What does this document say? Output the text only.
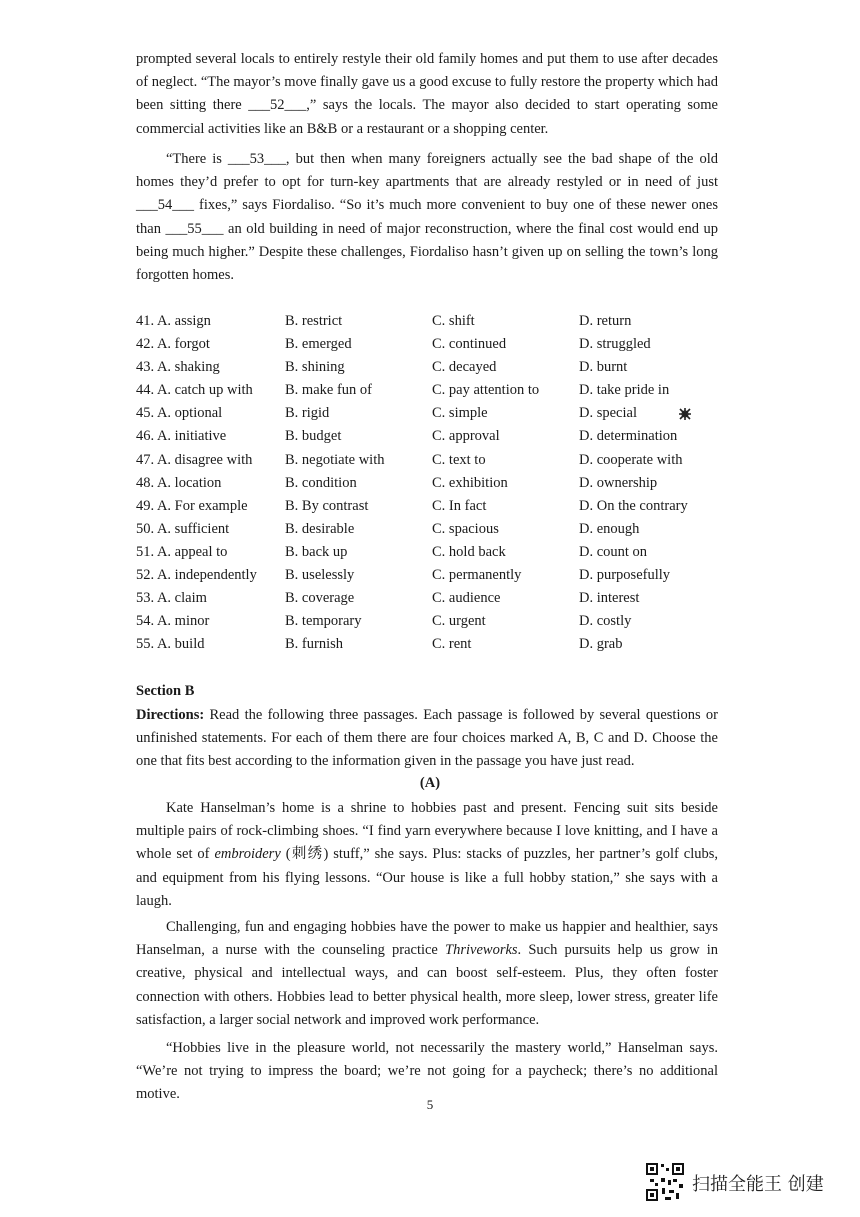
prompted several locals to entirely restyle their old family homes and put them to use after decades of neglect. “The mayor’s move finally gave us a good excuse to fully restore the property which had been sitting there ___52___,” says the locals. The mayor also decided to start operating some commercial activities like an B&B or a restaurant or a shopping center.

“There is ___53___, but then when many foreigners actually see the bad shape of the old homes they’d prefer to opt for turn-key apartments that are already restyled or in need of just ___54___ fixes,” says Fiordaliso. “So it’s much more convenient to buy one of these newer ones than ___55___ an old building in need of major reconstruction, where the final cost would end up being much higher.” Despite these challenges, Fiordaliso hasn’t given up on selling the town’s long forgotten homes.

41. A. assign	B. restrict	C. shift	D. return
42. A. forgot	B. emerged	C. continued	D. struggled
43. A. shaking	B. shining	C. decayed	D. burnt
44. A. catch up with B. make fun of	C. pay attention to	D. take pride in
45. A. optional	B. rigid	C. simple	D. special
46. A. initiative	B. budget	C. approval	D. determination
47. A. disagree with B. negotiate with	C. text to	D. cooperate with
48. A. location	B. condition	C. exhibition	D. ownership
49. A. For example	B. By contrast	C. In fact	D. On the contrary
50. A. sufficient	B. desirable	C. spacious	D. enough
51. A. appeal to	B. back up	C. hold back	D. count on
52. A. independently B. uselessly	C. permanently	D. purposefully
53. A. claim	B. coverage	C. audience	D. interest
54. A. minor	B. temporary	C. urgent	D. costly
55. A. build	B. furnish	C. rent	D. grab
Section B

Directions: Read the following three passages. Each passage is followed by several questions or unfinished statements. For each of them there are four choices marked A, B, C and D. Choose the one that fits best according to the information given in the passage you have just read.

(A)

Kate Hanselman’s home is a shrine to hobbies past and present. Fencing suit sits beside multiple pairs of rock-climbing shoes. “I find yarn everywhere because I love knitting, and I have a whole set of embroidery (刺绣) stuff,” she says. Plus: stacks of puzzles, her partner’s golf clubs, and equipment from his flying lessons. “Our house is like a full hobby station,” she says with a laugh.

Challenging, fun and engaging hobbies have the power to make us happier and healthier, says Hanselman, a nurse with the counseling practice Thriveworks. Such pursuits help us grow in creative, physical and intellectual ways, and can boost self-esteem. Plus, they often foster connection with others. Hobbies lead to better physical health, more sleep, lower stress, greater life satisfaction, a larger social network and improved work performance.

“Hobbies live in the pleasure world, not necessarily the mastery world,” Hanselman says. “We’re not trying to impress the board; we’re not going for a paycheck; there’s no additional motive.

5
扫描全能王 创建
